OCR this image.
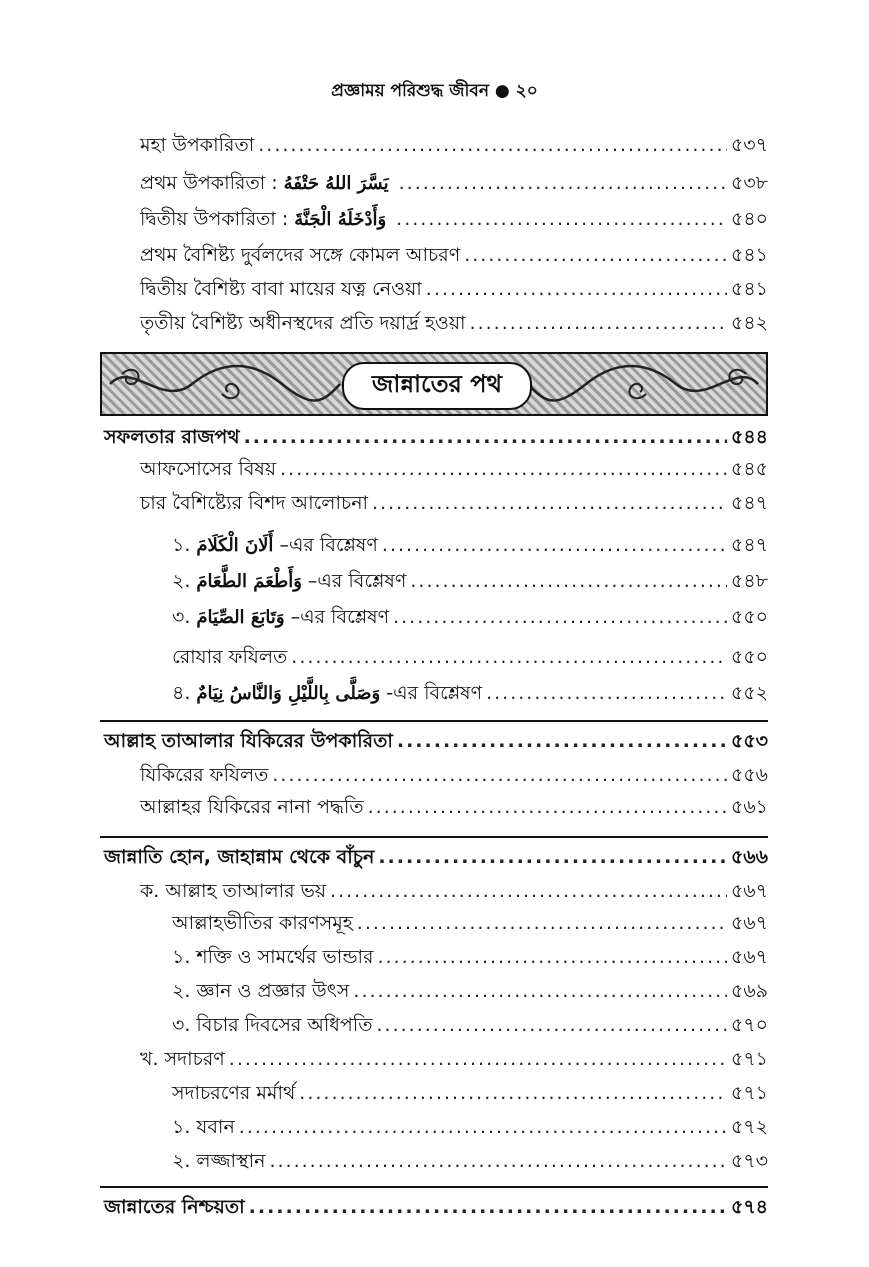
প্রজ্ঞাময় পরিশুদ্ধ জীবন ● ২০
মহা উপকারিতা .....	৫৩৭
প্রথম উপকারিতা : يَسَّرَ اللهُ حَتْفَهُ .....	৫৩৮
দ্বিতীয় উপকারিতা : وَأَدْخَلَهُ الْجَنَّةَ .....	৫৪০
প্রথম বৈশিষ্ট্য দুর্বলদের সঙ্গে কোমল আচরণ .....	৫৪১
দ্বিতীয় বৈশিষ্ট্য বাবা মায়ের যত্ন নেওয়া .....	৫৪১
তৃতীয় বৈশিষ্ট্য অধীনস্থদের প্রতি দয়ার্দ্র হওয়া .....	৫৪২
জান্নাতের পথ
সফলতার রাজপথ .....	৫৪৪
আফসোসের বিষয় .....	৫৪৫
চার বৈশিষ্ট্যের বিশদ আলোচনা .....	৫৪৭
১. أَلَانَ الْكَلَامَ –এর বিশ্লেষণ .....	৫৪৭
২. وَأَطْعَمَ الطَّعَامَ –এর বিশ্লেষণ .....	৫৪৮
৩. وَتَابَعَ الصِّيَامَ –এর বিশ্লেষণ .....	৫৫০
রোযার ফযিলত .....	৫৫০
৪. وَصَلَّى بِاللَّيْلِ وَالنَّاسُ نِيَامٌ -এর বিশ্লেষণ .....	৫৫২
আল্লাহ তাআলার যিকিরের উপকারিতা .....	৫৫৩
যিকিরের ফযিলত .....	৫৫৬
আল্লাহর যিকিরের নানা পদ্ধতি .....	৫৬১
জান্নাতি হোন, জাহান্নাম থেকে বাঁচুন .....	৫৬৬
ক. আল্লাহ তাআলার ভয় .....	৫৬৭
আল্লাহভীতির কারণসমূহ .....	৫৬৭
১. শক্তি ও সামর্থের ভান্ডার .....	৫৬৭
২. জ্ঞান ও প্রজ্ঞার উৎস .....	৫৬৯
৩. বিচার দিবসের অধিপতি .....	৫৭০
খ. সদাচরণ .....	৫৭১
সদাচরণের মর্মার্থ .....	৫৭১
১. যবান .....	৫৭২
২. লজ্জাস্থান .....	৫৭৩
জান্নাতের নিশ্চয়তা .....	৫৭৪
